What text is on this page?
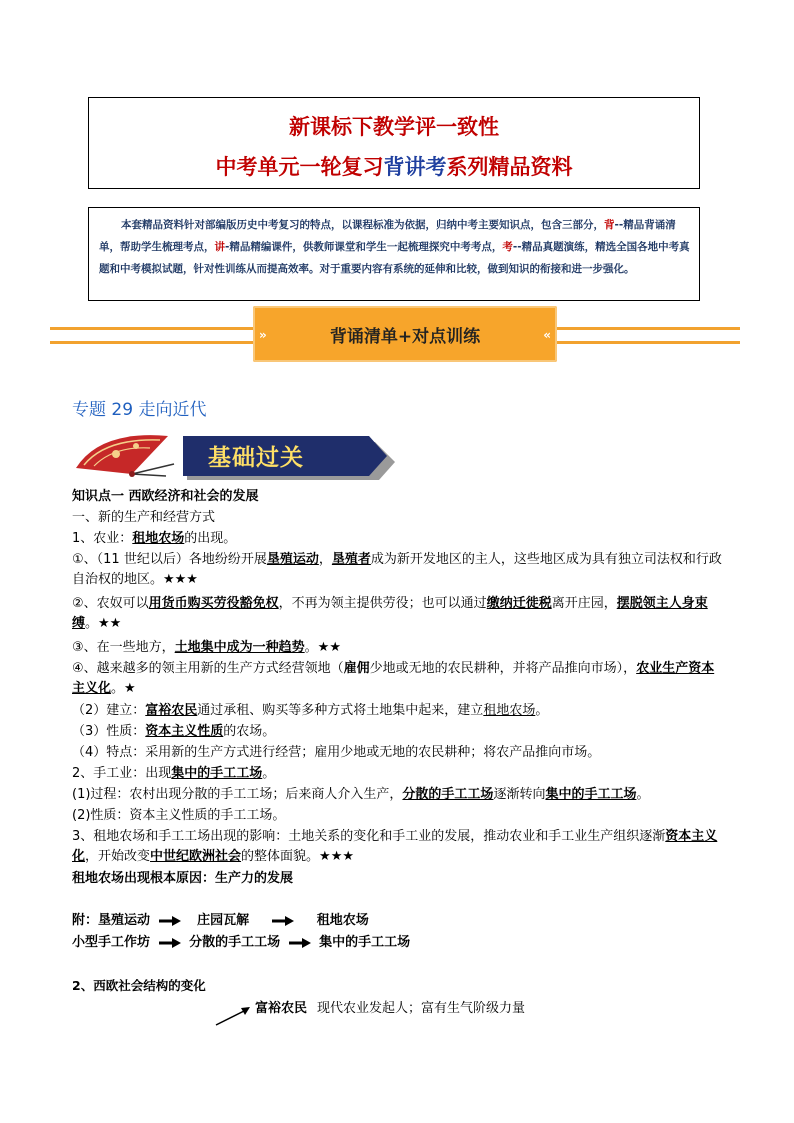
新课标下教学评一致性
中考单元一轮复习背讲考系列精品资料
本套精品资料针对部编版历史中考复习的特点，以课程标准为依据，归纳中考主要知识点，包含三部分，背--精品背诵清单，帮助学生梳理考点，讲-精品精编课件，供教师课堂和学生一起梳理探究中考考点，考--精品真题演练，精选全国各地中考真题和中考模拟试题，针对性训练从而提高效率。对于重要内容有系统的延伸和比较，做到知识的衔接和进一步强化。
»	背诵清单+对点训练	«
专题 29 走向近代
基础过关
知识点一 西欧经济和社会的发展
一、新的生产和经营方式
1、农业：租地农场的出现。
①、（11 世纪以后）各地纷纷开展垦殖运动，垦殖者成为新开发地区的主人，这些地区成为具有独立司法权和行政自治权的地区。★★★
②、农奴可以用货币购买劳役豁免权，不再为领主提供劳役；也可以通过缴纳迁徙税离开庄园，摆脱领主人身束缚。★★
③、在一些地方，土地集中成为一种趋势。★★
④、越来越多的领主用新的生产方式经营领地（雇佣少地或无地的农民耕种，并将产品推向市场），农业生产资本主义化。★
（2）建立：富裕农民通过承租、购买等多种方式将土地集中起来，建立租地农场。
（3）性质：资本主义性质的农场。
（4）特点：采用新的生产方式进行经营；雇用少地或无地的农民耕种；将农产品推向市场。
2、手工业：出现集中的手工工场。
(1)过程：农村出现分散的手工工场；后来商人介入生产，分散的手工工场逐渐转向集中的手工工场。
(2)性质：资本主义性质的手工工场。
3、租地农场和手工工场出现的影响：土地关系的变化和手工业的发展，推动农业和手工业生产组织逐渐资本主义化，开始改变中世纪欧洲社会的整体面貌。★★★
租地农场出现根本原因：生产力的发展
附：垦殖运动	庄园瓦解	租地农场
小型手工作坊	分散的手工工场	集中的手工工场
2、西欧社会结构的变化
富裕农民 现代农业发起人；富有生气阶级力量
